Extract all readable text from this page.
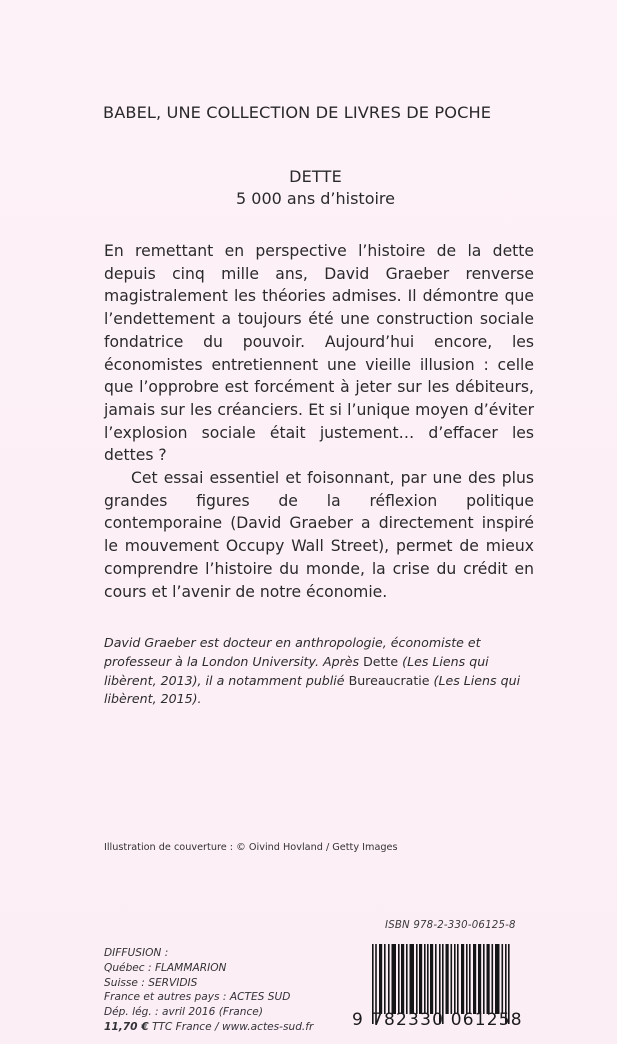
BABEL, UNE COLLECTION DE LIVRES DE POCHE
DETTE
5 000 ans d’histoire

En remettant en perspective l’histoire de la dette depuis cinq mille ans, David Graeber renverse magistralement les théories admises. Il démontre que l’endettement a toujours été une construction sociale fondatrice du pouvoir. Aujourd’hui encore, les économistes entretiennent une vieille illusion : celle que l’opprobre est forcément à jeter sur les débiteurs, jamais sur les créanciers. Et si l’unique moyen d’éviter l’explosion sociale était justement… d’effacer les dettes ?

Cet essai essentiel et foisonnant, par une des plus grandes figures de la réflexion politique contemporaine (David Graeber a directement inspiré le mouvement Occupy Wall Street), permet de mieux comprendre l’histoire du monde, la crise du crédit en cours et l’avenir de notre économie.

David Graeber est docteur en anthropologie, économiste et professeur à la London University. Après Dette (Les Liens qui libèrent, 2013), il a notamment publié Bureaucratie (Les Liens qui libèrent, 2015).
Illustration de couverture : © Oivind Hovland / Getty Images
ISBN 978-2-330-06125-8
DIFFUSION :
Québec : FLAMMARION
Suisse : SERVIDIS
France et autres pays : ACTES SUD
Dép. lég. : avril 2016 (France)
11,70 € TTC France / www.actes-sud.fr 9 782330 061258
